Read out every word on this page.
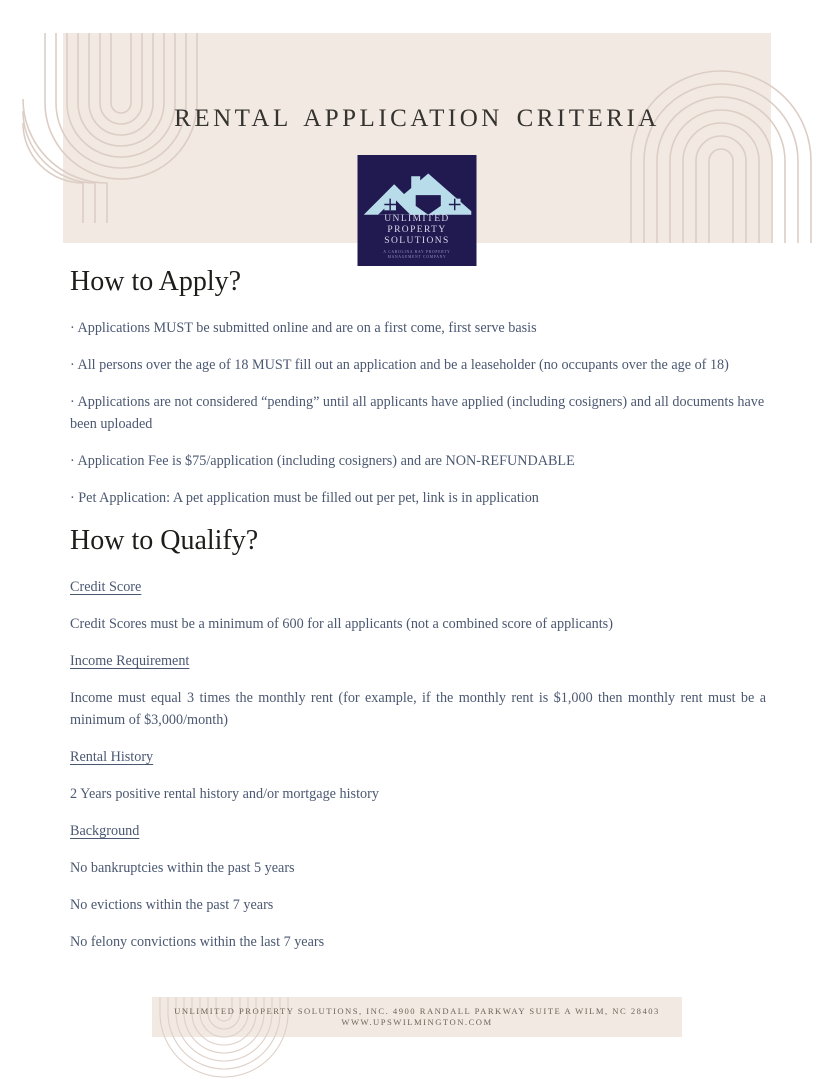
RENTAL APPLICATION CRITERIA
UNLIMITED
PROPERTY
SOLUTIONS
A CAROLINA BAY PROPERTY MANAGEMENT COMPANY
How to Apply?

· Applications MUST be submitted online and are on a first come, first serve basis

· All persons over the age of 18 MUST fill out an application and be a leaseholder (no occupants over the age of 18)

· Applications are not considered “pending” until all applicants have applied (including cosigners) and all documents have been uploaded

· Application Fee is $75/application (including cosigners) and are NON-REFUNDABLE

· Pet Application: A pet application must be filled out per pet, link is in application

How to Qualify?

Credit Score

Credit Scores must be a minimum of 600 for all applicants (not a combined score of applicants)

Income Requirement

Income must equal 3 times the monthly rent (for example, if the monthly rent is $1,000 then monthly rent must be a minimum of $3,000/month)

Rental History

2 Years positive rental history and/or mortgage history

Background

No bankruptcies within the past 5 years

No evictions within the past 7 years

No felony convictions within the last 7 years

UNLIMITED PROPERTY SOLUTIONS, INC. 4900 RANDALL PARKWAY SUITE A WILM, NC 28403
WWW.UPSWILMINGTON.COM
